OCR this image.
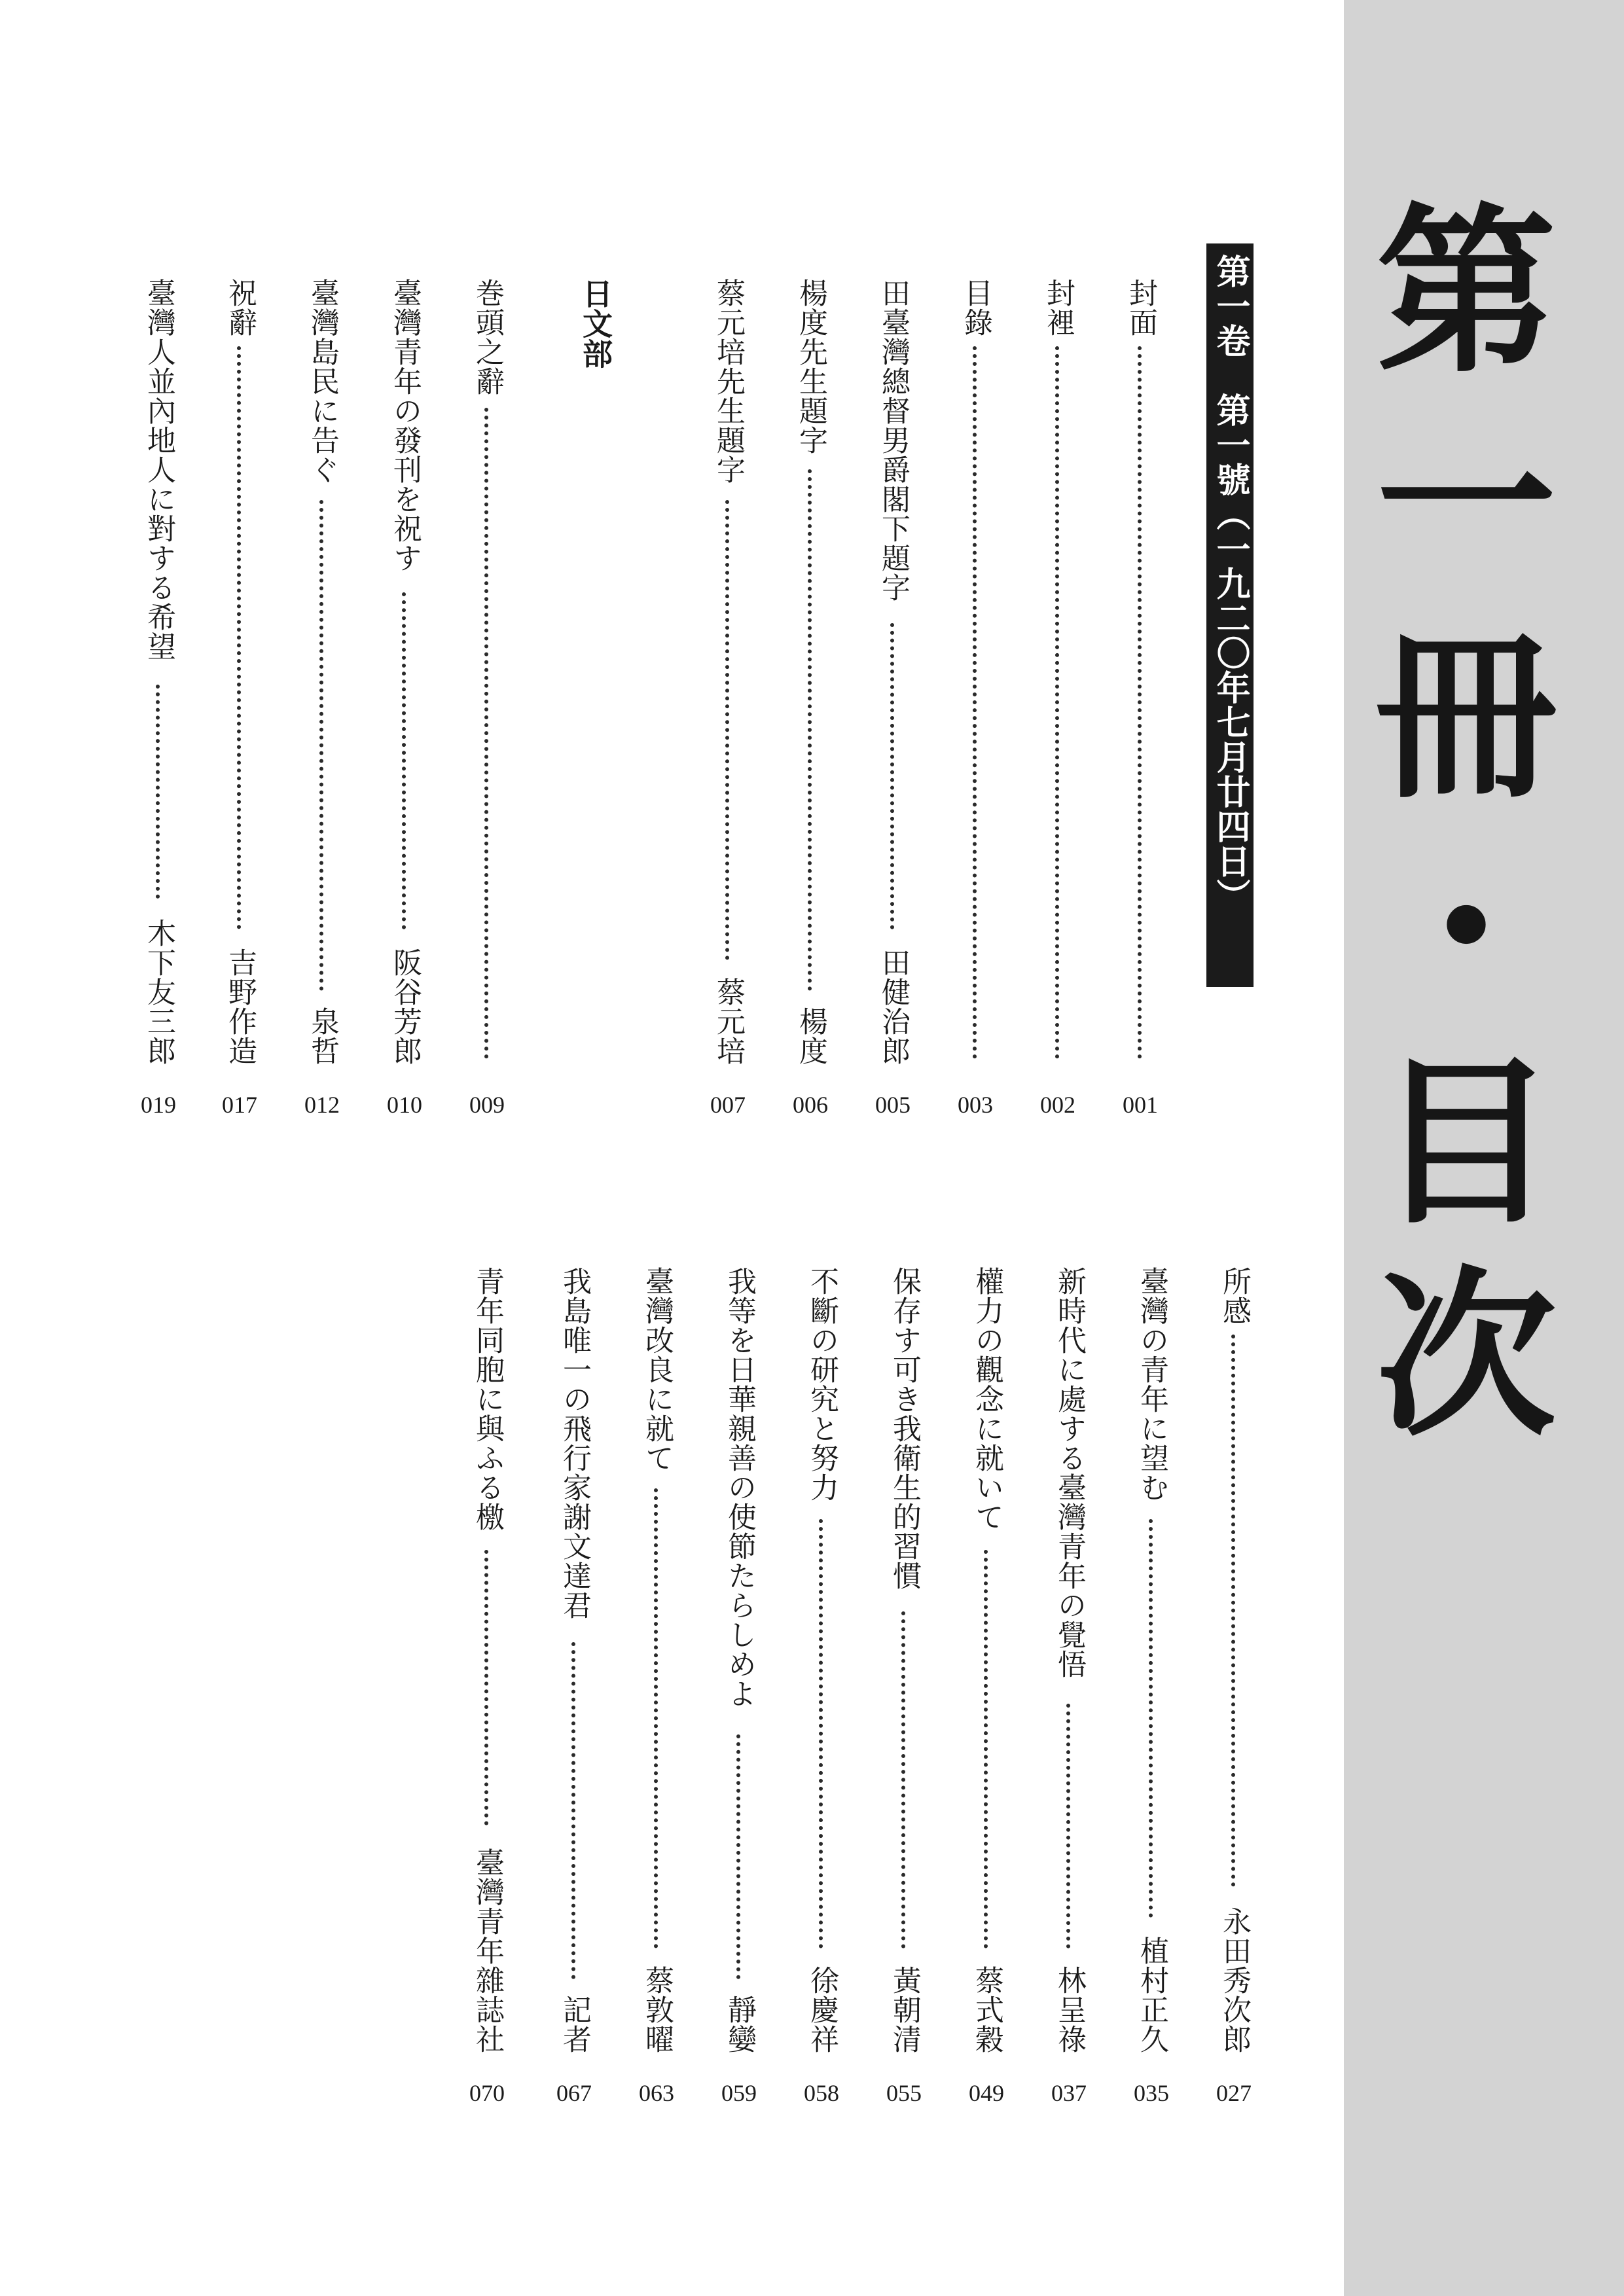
第一冊・目次
第一卷　第一號（一九二〇年七月廿四日）
日文部	封面
001
封裡
002
目錄
003
田臺灣總督男爵閣下題字
田健治郎
005
楊度先生題字
楊度
006
蔡元培先生題字
蔡元培
007
巻頭之辭
009
臺灣青年の發刊を祝す
阪谷芳郎
010
臺灣島民に告ぐ
泉哲
012
祝辭
吉野作造
017
臺灣人並內地人に對する希望
木下友三郎
019
所感
永田秀次郎
027
臺灣の青年に望む
植村正久
035
新時代に處する臺灣青年の覺悟
林呈祿
037
權力の觀念に就いて
蔡式穀
049
保存す可き我衛生的習慣
黃朝清
055
不斷の研究と努力
徐慶祥
058
我等を日華親善の使節たらしめよ
靜孌
059
臺灣改良に就て
蔡敦曜
063
我島唯一の飛行家謝文達君
記者
067
青年同胞に與ふる檄
臺灣青年雜誌社
070
